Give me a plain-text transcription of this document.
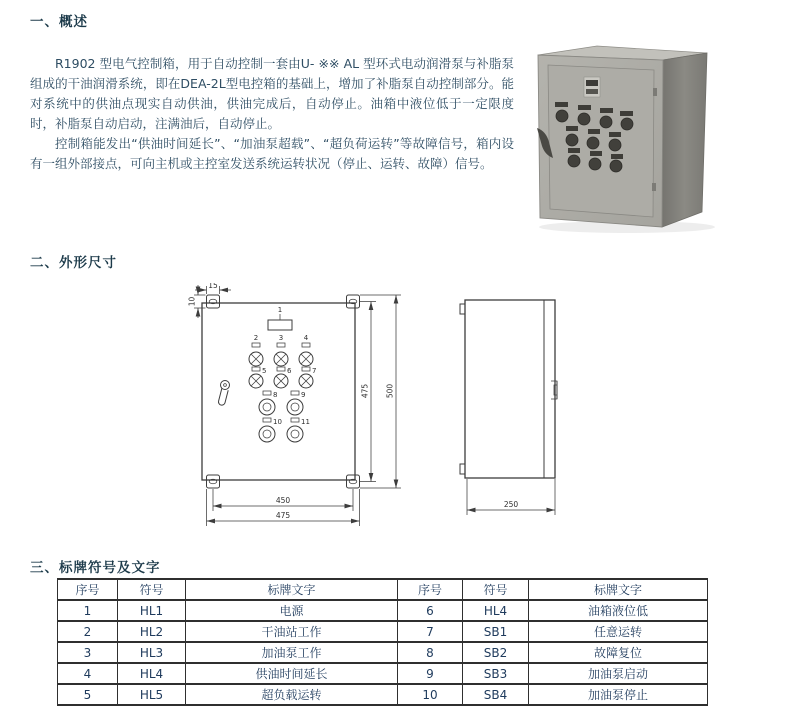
一、概述

R1902 型电气控制箱，用于自动控制一套由U- ※※ AL 型环式电动润滑泵与补脂泵组成的干油润滑系统，即在DEA-2L型电控箱的基础上，增加了补脂泵自动控制部分。能对系统中的供油点现实自动供油，供油完成后，自动停止。油箱中液位低于一定限度时，补脂泵自动启动，注满油后，自动停止。

控制箱能发出“供油时间延长”、“加油泵超载”、“超负荷运转”等故障信号，箱内设有一组外部接点，可向主机或主控室发送系统运转状况（停止、运转、故障）信号。

二、外形尺寸
1
2	3	4
5	6	7
8	9
10	11
15
10
475 500
450
475
250
三、标牌符号及文字
序号	符号	标牌文字	序号	符号	标牌文字
1	HL1	电源	6	HL4	油箱液位低
2	HL2	干油站工作	7	SB1	任意运转
3	HL3	加油泵工作	8	SB2	故障复位
4	HL4	供油时间延长	9	SB3	加油泵启动
5	HL5	超负载运转	10	SB4	加油泵停止
